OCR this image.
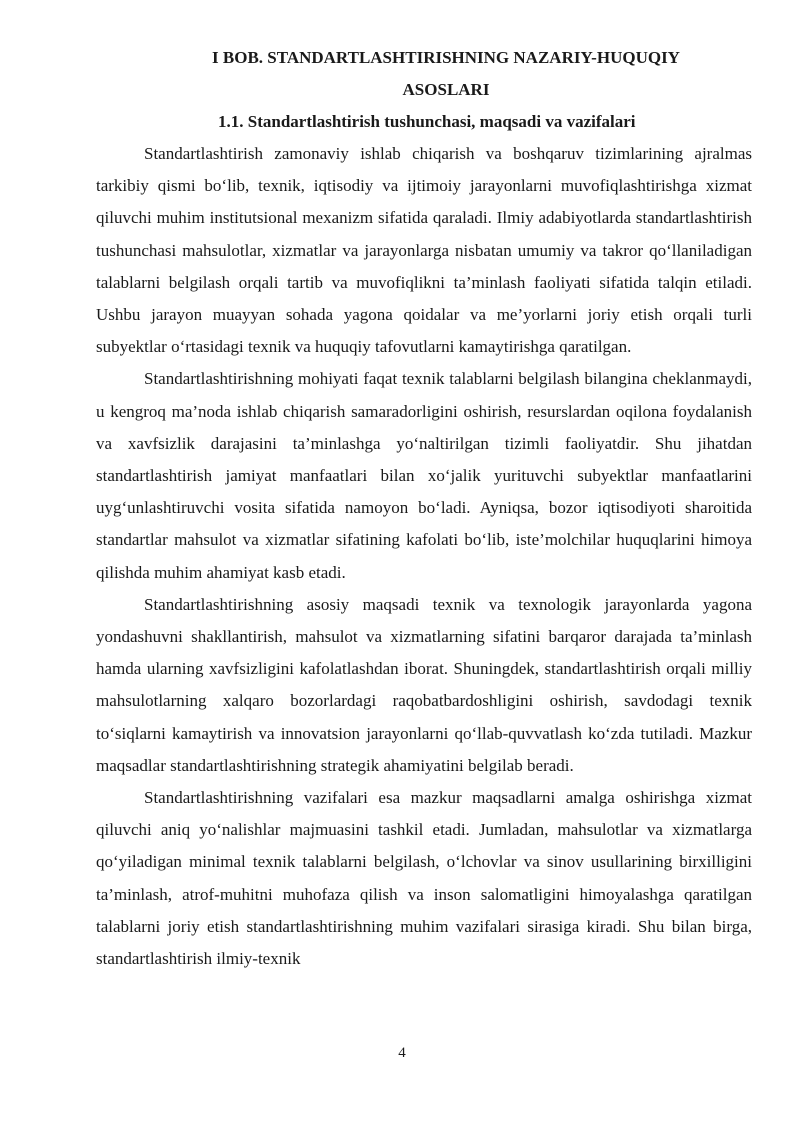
I BOB. STANDARTLASHTIRISHNING NAZARIY-HUQUQIY
ASOSLARI
1.1. Standartlashtirish tushunchasi, maqsadi va vazifalari

Standartlashtirish zamonaviy ishlab chiqarish va boshqaruv tizimlarining ajralmas tarkibiy qismi bo‘lib, texnik, iqtisodiy va ijtimoiy jarayonlarni muvofiqlashtirishga xizmat qiluvchi muhim institutsional mexanizm sifatida qaraladi. Ilmiy adabiyotlarda standartlashtirish tushunchasi mahsulotlar, xizmatlar va jarayonlarga nisbatan umumiy va takror qo‘llaniladigan talablarni belgilash orqali tartib va muvofiqlikni ta’minlash faoliyati sifatida talqin etiladi. Ushbu jarayon muayyan sohada yagona qoidalar va me’yorlarni joriy etish orqali turli subyektlar o‘rtasidagi texnik va huquqiy tafovutlarni kamaytirishga qaratilgan.

Standartlashtirishning mohiyati faqat texnik talablarni belgilash bilangina cheklanmaydi, u kengroq ma’noda ishlab chiqarish samaradorligini oshirish, resurslardan oqilona foydalanish va xavfsizlik darajasini ta’minlashga yo‘naltirilgan tizimli faoliyatdir. Shu jihatdan standartlashtirish jamiyat manfaatlari bilan xo‘jalik yurituvchi subyektlar manfaatlarini uyg‘unlashtiruvchi vosita sifatida namoyon bo‘ladi. Ayniqsa, bozor iqtisodiyoti sharoitida standartlar mahsulot va xizmatlar sifatining kafolati bo‘lib, iste’molchilar huquqlarini himoya qilishda muhim ahamiyat kasb etadi.

Standartlashtirishning asosiy maqsadi texnik va texnologik jarayonlarda yagona yondashuvni shakllantirish, mahsulot va xizmatlarning sifatini barqaror darajada ta’minlash hamda ularning xavfsizligini kafolatlashdan iborat. Shuningdek, standartlashtirish orqali milliy mahsulotlarning xalqaro bozorlardagi raqobatbardoshligini oshirish, savdodagi texnik to‘siqlarni kamaytirish va innovatsion jarayonlarni qo‘llab-quvvatlash ko‘zda tutiladi. Mazkur maqsadlar standartlashtirishning strategik ahamiyatini belgilab beradi.

Standartlashtirishning vazifalari esa mazkur maqsadlarni amalga oshirishga xizmat qiluvchi aniq yo‘nalishlar majmuasini tashkil etadi. Jumladan, mahsulotlar va xizmatlarga qo‘yiladigan minimal texnik talablarni belgilash, o‘lchovlar va sinov usullarining birxilligini ta’minlash, atrof-muhitni muhofaza qilish va inson salomatligini himoyalashga qaratilgan talablarni joriy etish standartlashtirishning muhim vazifalari sirasiga kiradi. Shu bilan birga, standartlashtirish ilmiy-texnik

4
